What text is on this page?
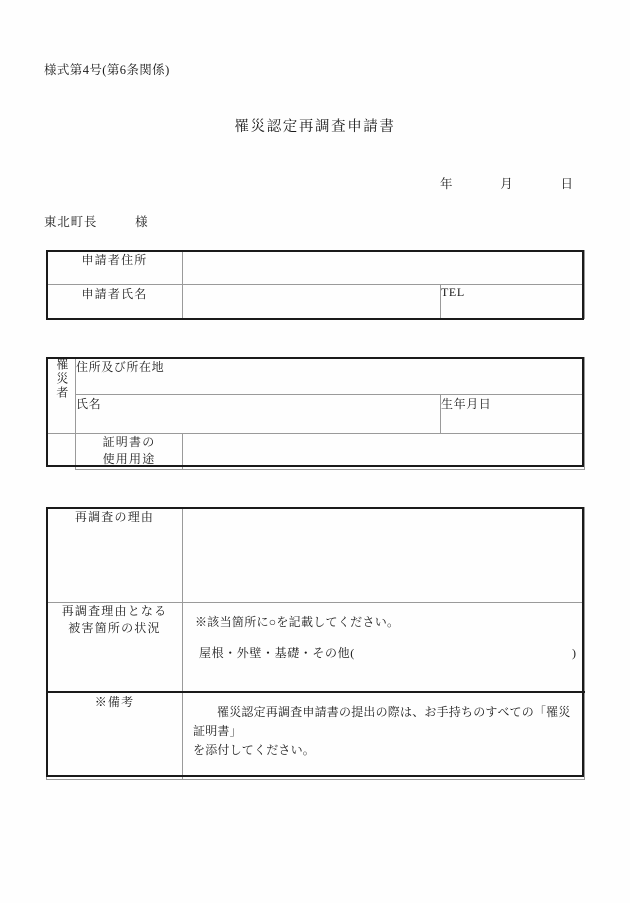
様式第4号(第6条関係)
罹災認定再調査申請書
年	月	日
東北町長	様
申請者住所		
申請者氏名		TEL
罹災者	住所及び所在地		
	氏名		生年月日

	証明書の
使用用途		

再調査の理由	

再調査理由となる
被害箇所の状況	※該当箇所に○を記載してください。
屋根・外壁・基礎・その他(	)

※備考	罹災認定再調査申請書の提出の際は、お手持ちのすべての「罹災証明書」
を添付してください。
